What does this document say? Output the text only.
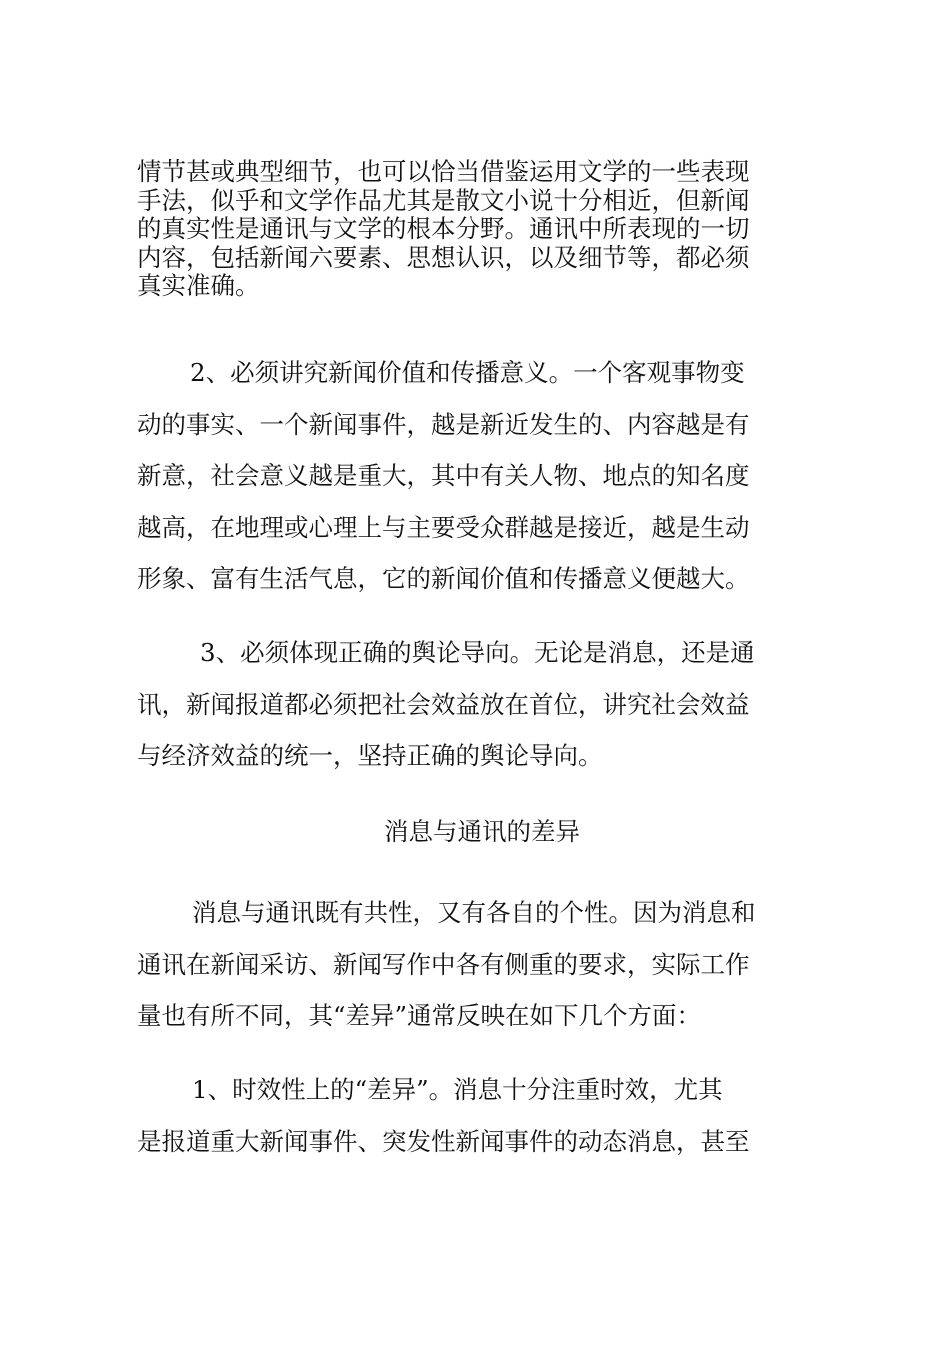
情节甚或典型细节，也可以恰当借鉴运用文学的一些表现
手法，似乎和文学作品尤其是散文小说十分相近，但新闻
的真实性是通讯与文学的根本分野。通讯中所表现的一切
内容，包括新闻六要素、思想认识，以及细节等，都必须
真实准确。
2、必须讲究新闻价值和传播意义。一个客观事物变
动的事实、一个新闻事件，越是新近发生的、内容越是有
新意，社会意义越是重大，其中有关人物、地点的知名度
越高，在地理或心理上与主要受众群越是接近，越是生动
形象、富有生活气息，它的新闻价值和传播意义便越大。
3、必须体现正确的舆论导向。无论是消息，还是通
讯，新闻报道都必须把社会效益放在首位，讲究社会效益
与经济效益的统一，坚持正确的舆论导向。
消息与通讯的差异
消息与通讯既有共性，又有各自的个性。因为消息和
通讯在新闻采访、新闻写作中各有侧重的要求，实际工作
量也有所不同，其“差异”通常反映在如下几个方面：
1、时效性上的“差异”。消息十分注重时效，尤其
是报道重大新闻事件、突发性新闻事件的动态消息，甚至
